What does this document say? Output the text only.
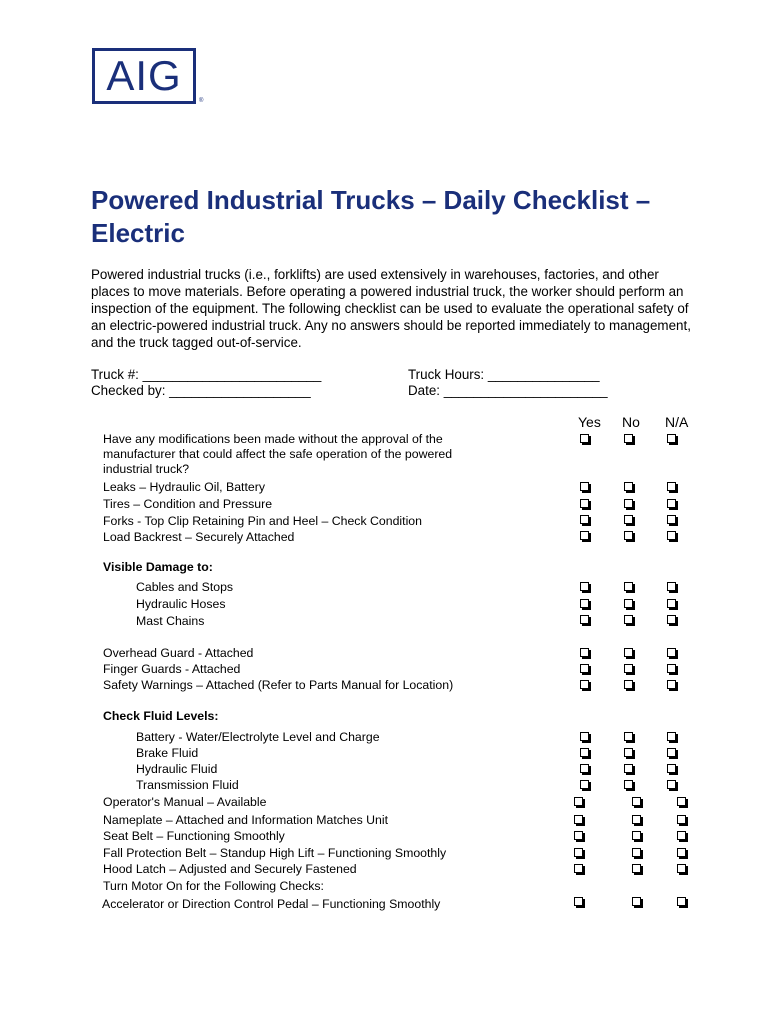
AIG
®
Powered Industrial Trucks – Daily Checklist – Electric

Powered industrial trucks (i.e., forklifts) are used extensively in warehouses, factories, and other places to move materials. Before operating a powered industrial truck, the worker should perform an inspection of the equipment. The following checklist can be used to evaluate the operational safety of an electric-powered industrial truck. Any no answers should be reported immediately to management, and the truck tagged out-of-service.

Truck #: ________________________
Checked by: ___________________
Truck Hours: _______________
Date: ______________________
Yes No N/A
Have any modifications been made without the approval of the
manufacturer that could affect the safe operation of the powered
industrial truck?
Leaks – Hydraulic Oil, Battery
Tires – Condition and Pressure
Forks - Top Clip Retaining Pin and Heel – Check Condition
Load Backrest – Securely Attached
Visible Damage to:
Cables and Stops
Hydraulic Hoses
Mast Chains
Overhead Guard - Attached
Finger Guards - Attached
Safety Warnings – Attached (Refer to Parts Manual for Location)
Check Fluid Levels:
Battery - Water/Electrolyte Level and Charge
Brake Fluid
Hydraulic Fluid
Transmission Fluid
Operator's Manual – Available
Nameplate – Attached and Information Matches Unit
Seat Belt – Functioning Smoothly
Fall Protection Belt – Standup High Lift – Functioning Smoothly
Hood Latch – Adjusted and Securely Fastened
Turn Motor On for the Following Checks:
Accelerator or Direction Control Pedal – Functioning Smoothly
